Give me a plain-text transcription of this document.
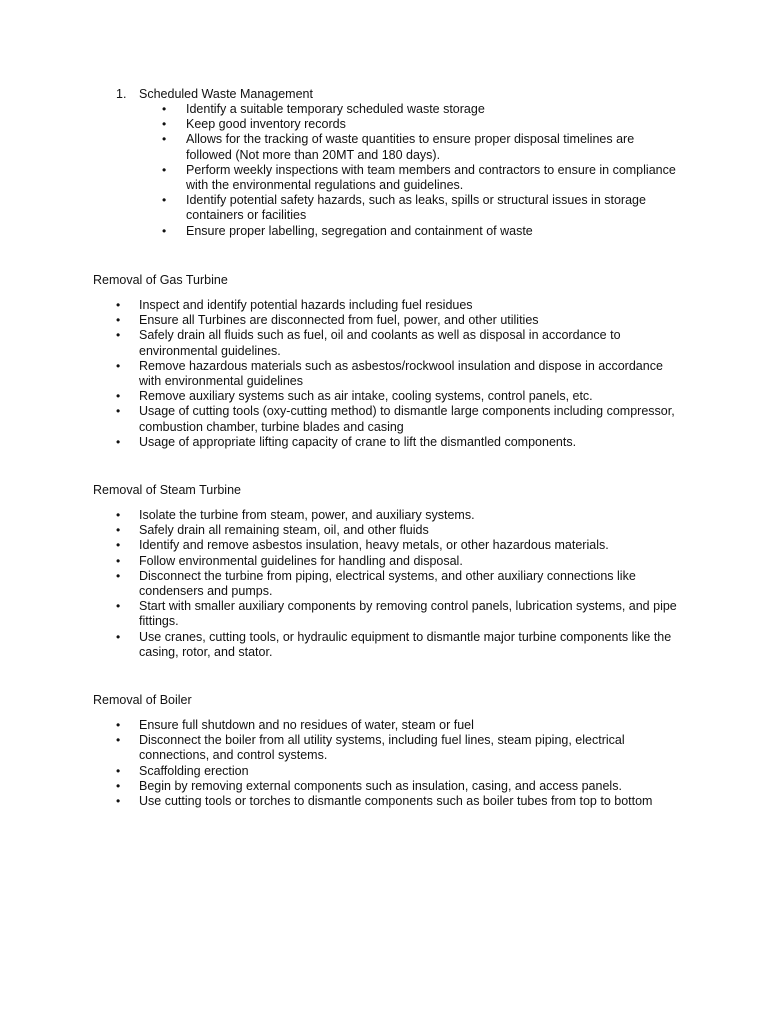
1.	Scheduled Waste Management
• Identify a suitable temporary scheduled waste storage
• Keep good inventory records
• Allows for the tracking of waste quantities to ensure proper disposal timelines are followed (Not more than 20MT and 180 days).
• Perform weekly inspections with team members and contractors to ensure in compliance with the environmental regulations and guidelines.
• Identify potential safety hazards, such as leaks, spills or structural issues in storage containers or facilities
• Ensure proper labelling, segregation and containment of waste

Removal of Gas Turbine

• Inspect and identify potential hazards including fuel residues
• Ensure all Turbines are disconnected from fuel, power, and other utilities
• Safely drain all fluids such as fuel, oil and coolants as well as disposal in accordance to environmental guidelines.
• Remove hazardous materials such as asbestos/rockwool insulation and dispose in accordance with environmental guidelines
• Remove auxiliary systems such as air intake, cooling systems, control panels, etc.
• Usage of cutting tools (oxy-cutting method) to dismantle large components including compressor, combustion chamber, turbine blades and casing
• Usage of appropriate lifting capacity of crane to lift the dismantled components.

Removal of Steam Turbine

• Isolate the turbine from steam, power, and auxiliary systems.
• Safely drain all remaining steam, oil, and other fluids
• Identify and remove asbestos insulation, heavy metals, or other hazardous materials.
• Follow environmental guidelines for handling and disposal.
• Disconnect the turbine from piping, electrical systems, and other auxiliary connections like condensers and pumps.
• Start with smaller auxiliary components by removing control panels, lubrication systems, and pipe fittings.
• Use cranes, cutting tools, or hydraulic equipment to dismantle major turbine components like the casing, rotor, and stator.

Removal of Boiler

• Ensure full shutdown and no residues of water, steam or fuel
• Disconnect the boiler from all utility systems, including fuel lines, steam piping, electrical connections, and control systems.
• Scaffolding erection
• Begin by removing external components such as insulation, casing, and access panels.
• Use cutting tools or torches to dismantle components such as boiler tubes from top to bottom
